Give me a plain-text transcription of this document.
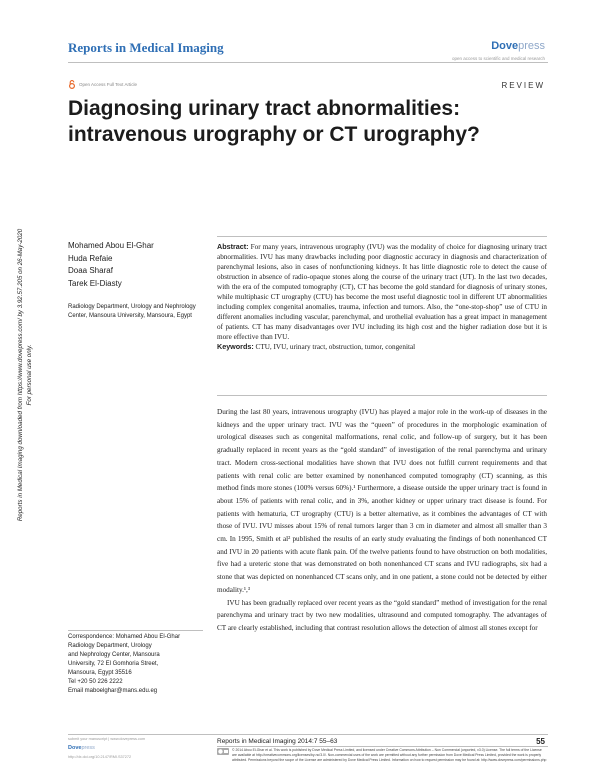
Reports in Medical Imaging	Dovepress
open access to scientific and medical research
Open Access Full Text Article	REVIEW
Diagnosing urinary tract abnormalities: intravenous urography or CT urography?
Reports in Medical Imaging downloaded from https://www.dovepress.com/ by 3.92.57.205 on 26-May-2020 For personal use only.
Mohamed Abou El-Ghar
Huda Refaie
Doaa Sharaf
Tarek El-Diasty
Radiology Department, Urology and Nephrology Center, Mansoura University, Mansoura, Egypt

Abstract: For many years, intravenous urography (IVU) was the modality of choice for diagnosing urinary tract abnormalities. IVU has many drawbacks including poor diagnostic accuracy in diagnosis and characterization of parenchymal lesions, also in cases of nonfunctioning kidneys. It has little diagnostic role to detect the cause of obstruction in absence of radio-opaque stones along the course of the urinary tract (UT). In the last two decades, with the era of the computed tomography (CT), CT has become the gold standard for diagnosis of urinary stones, while multiphasic CT urography (CTU) has become the most useful diagnostic tool in different UT abnormalities including complex congenital anomalies, trauma, infection and tumors. Also, the “one-stop-shop” use of CTU in different anomalies including vascular, parenchymal, and urothelial evaluation has a great impact in management of patients. CT has many disadvantages over IVU including its high cost and the higher radiation dose but it is more effective than IVU.

Keywords: CTU, IVU, urinary tract, obstruction, tumor, congenital

During the last 80 years, intravenous urography (IVU) has played a major role in the work-up of diseases in the kidneys and the upper urinary tract. IVU was the “queen” of procedures in the morphologic examination of urological diseases such as congenital malformations, renal colic, and follow-up of surgery, but it has been gradually replaced in recent years as the “gold standard” of investigation of the renal parenchyma and urinary tract. Modern cross-sectional modalities have shown that IVU does not fulfill current requirements and that patients with renal colic are better examined by nonenhanced computed tomography (CT) scanning, as this method finds more stones (100% versus 60%).¹ Furthermore, a disease outside the upper urinary tract is found in about 15% of patients with renal colic, and in 3%, another kidney or upper urinary tract disease is found. For patients with hematuria, CT urography (CTU) is a better alternative, as it combines the advantages of CT with those of IVU. IVU misses about 15% of renal tumors larger than 3 cm in diameter and almost all smaller than 3 cm. In 1995, Smith et al² published the results of an early study evaluating the findings of both nonenhanced CT and IVU in 20 patients with acute flank pain. Of the twelve patients found to have obstruction on both modalities, five had a ureteric stone that was demonstrated on both nonenhanced CT scans and IVU radiographs, six had a stone that was depicted on nonenhanced CT scans only, and in one patient, a stone could not be detected by either modality.¹,³

IVU has been gradually replaced over recent years as the “gold standard” method of investigation for the renal parenchyma and urinary tract by two new modalities, ultrasound and computed tomography. The advantages of CT are clearly established, including that contrast resolution allows the detection of almost all stones except for

Correspondence: Mohamed Abou El-Ghar
Radiology Department, Urology
and Nephrology Center, Mansoura
University, 72 El Gomhoria Street,
Mansoura, Egypt 35516
Tel +20 50 226 2222
Email maboelghar@mans.edu.eg
submit your manuscript | www.dovepress.com
Dovepress
http://dx.doi.org/10.2147/RMI.S37272
Reports in Medical Imaging 2014:7 55–63	55
© 2014 Abou El-Ghar et al. This work is published by Dove Medical Press Limited, and licensed under Creative Commons Attribution – Non Commercial (unported, v3.0) License. The full terms of the License are available at http://creativecommons.org/licenses/by-nc/3.0/. Non-commercial uses of the work are permitted without any further permission from Dove Medical Press Limited, provided the work is properly attributed. Permissions beyond the scope of the License are administered by Dove Medical Press Limited. Information on how to request permission may be found at: http://www.dovepress.com/permissions.php
